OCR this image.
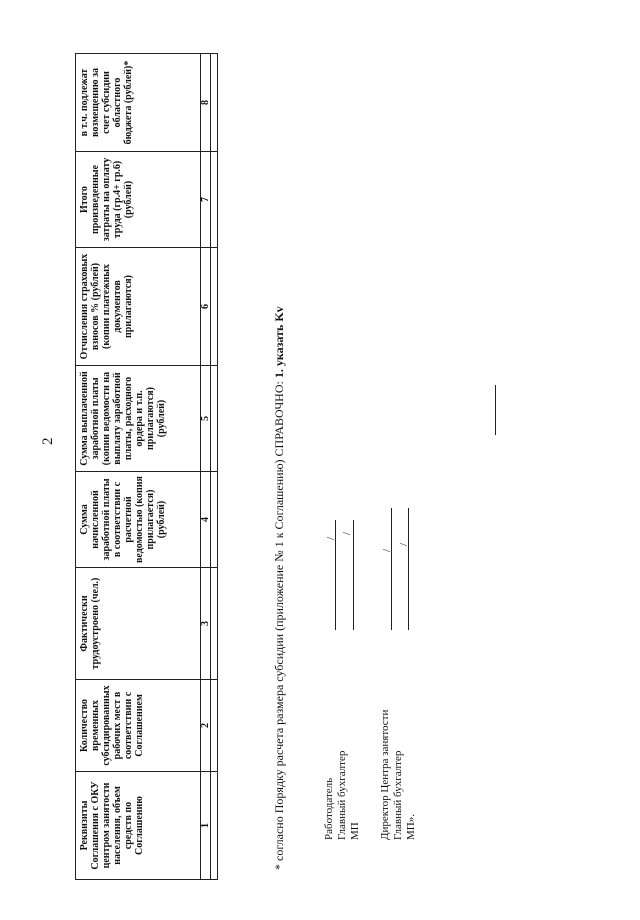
2
Реквизиты Соглашения с ОКУ центром занятости населения, объем средств по Соглашению	Количество временных субсидированных рабочих мест в соответствии с Соглашением	Фактически трудоустроено (чел.)	Сумма начисленной заработной платы в соответствии с расчетной ведомостью (копия прилагается) (рублей)	Сумма выплаченной заработной платы (копии ведомости на выплату заработной платы, расходного ордера и т.п. прилагаются) (рублей)	Отчисления страховых взносов % (рублей) (копии платежных документов прилагаются)	Итого произведенные затраты на оплату труда (гр.4+ гр.6) (рублей)	в т.ч. подлежат возмещению за счет субсидии областного бюджета (рублей)*
1	2	3	4	5	6	7	8

* согласно Порядку расчета размера субсидии (приложение № 1 к Соглашению) СПРАВОЧНО: 1. указать Kv
Работодатель Главный бухгалтер МП
/
/
Директор Центра занятости Главный бухгалтер МП».
/
/
